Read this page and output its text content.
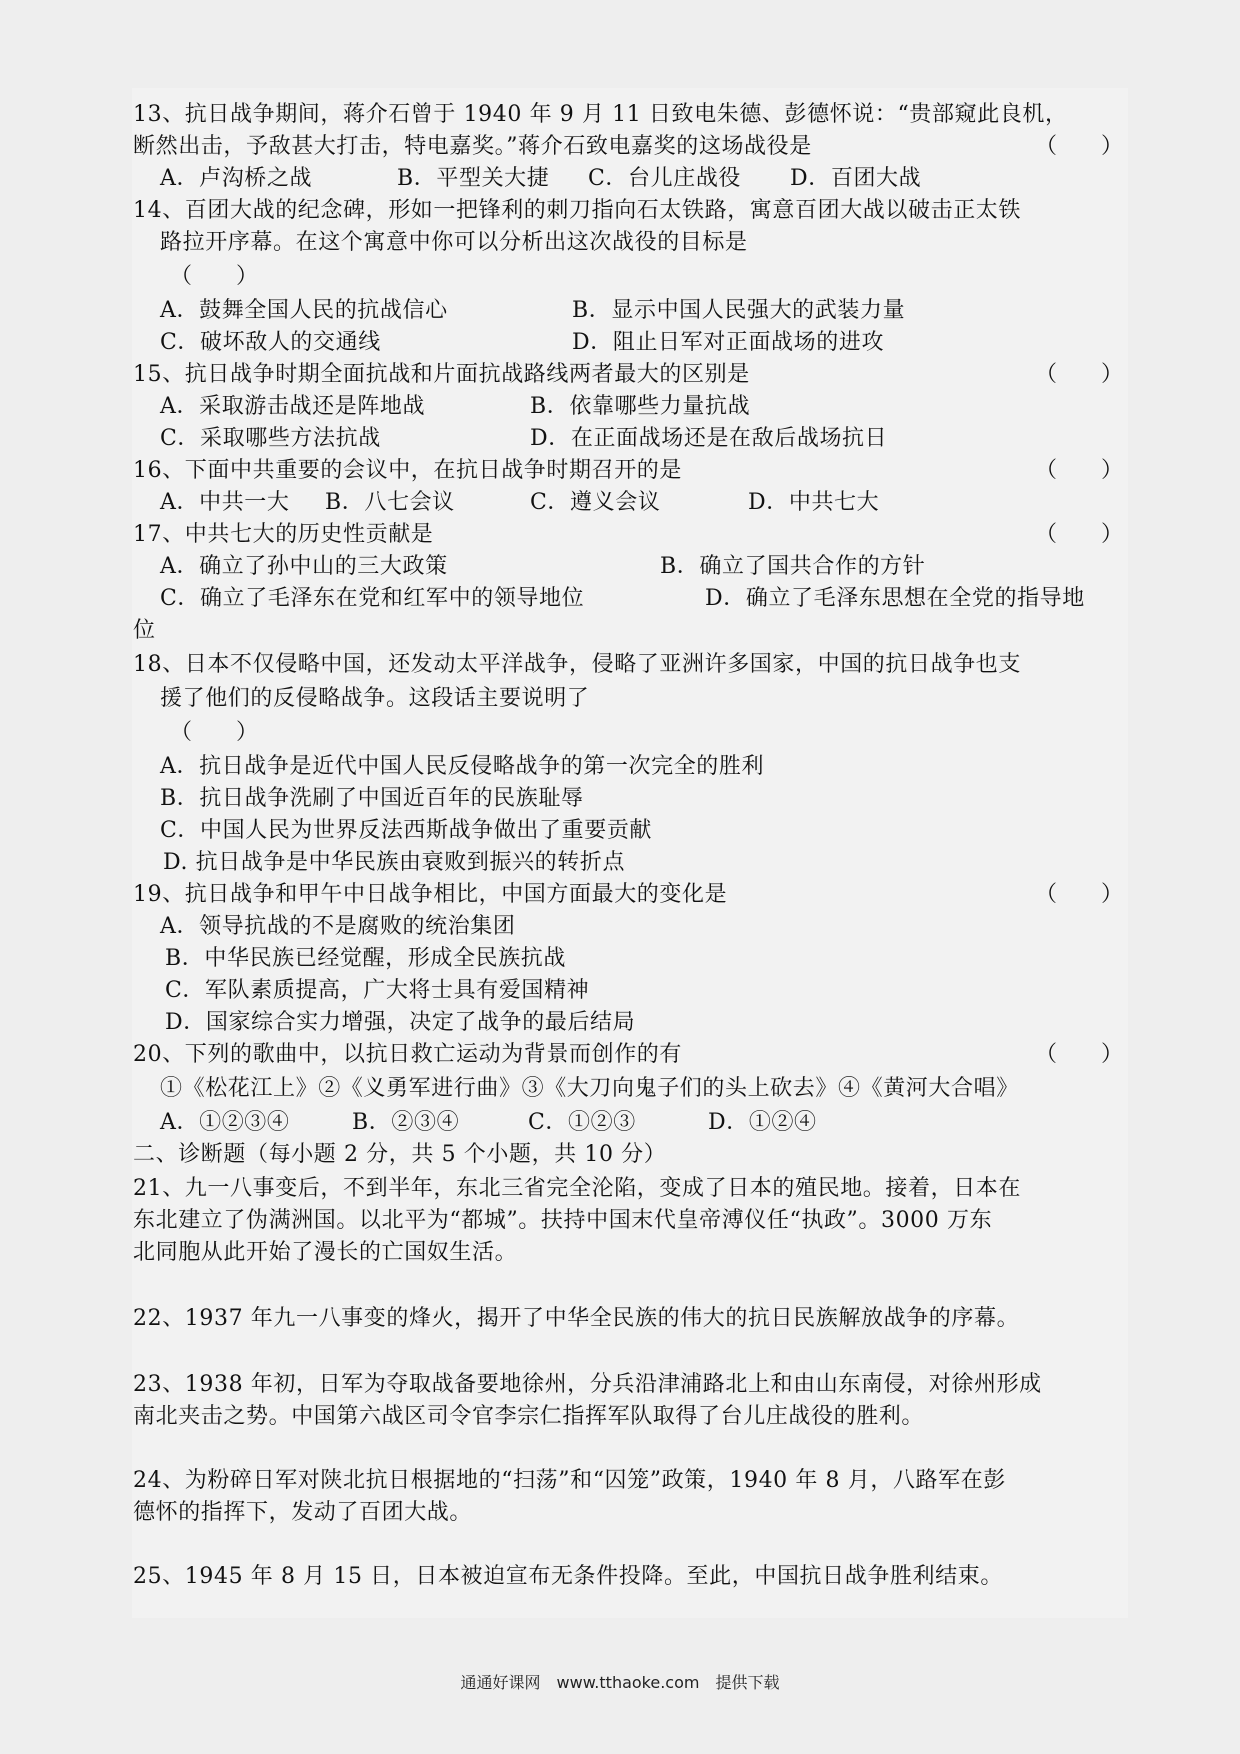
13、抗日战争期间，蒋介石曾于 1940 年 9 月 11 日致电朱德、彭德怀说：“贵部窥此良机，
断然出击，予敌甚大打击，特电嘉奖。”蒋介石致电嘉奖的这场战役是	（　　）
A．卢沟桥之战	B．平型关大捷 C．台儿庄战役 D．百团大战
14、百团大战的纪念碑，形如一把锋利的刺刀指向石太铁路，寓意百团大战以破击正太铁
路拉开序幕。在这个寓意中你可以分析出这次战役的目标是
（　　）
A．鼓舞全国人民的抗战信心	B．显示中国人民强大的武装力量
C．破坏敌人的交通线	D．阻止日军对正面战场的进攻
15、抗日战争时期全面抗战和片面抗战路线两者最大的区别是	（　　）
A．采取游击战还是阵地战	B．依靠哪些力量抗战
C．采取哪些方法抗战	D．在正面战场还是在敌后战场抗日
16、下面中共重要的会议中，在抗日战争时期召开的是	（　　）
A．中共一大 B．八七会议	C．遵义会议	D．中共七大
17、中共七大的历史性贡献是	（　　）
A．确立了孙中山的三大政策	B．确立了国共合作的方针
C．确立了毛泽东在党和红军中的领导地位	D．确立了毛泽东思想在全党的指导地
位
18、日本不仅侵略中国，还发动太平洋战争，侵略了亚洲许多国家，中国的抗日战争也支
援了他们的反侵略战争。这段话主要说明了
（　　）
A．抗日战争是近代中国人民反侵略战争的第一次完全的胜利
B．抗日战争洗刷了中国近百年的民族耻辱
C．中国人民为世界反法西斯战争做出了重要贡献
D. 抗日战争是中华民族由衰败到振兴的转折点
19、抗日战争和甲午中日战争相比，中国方面最大的变化是	（　　）
A．领导抗战的不是腐败的统治集团
B．中华民族已经觉醒，形成全民族抗战
C．军队素质提高，广大将士具有爱国精神
D．国家综合实力增强，决定了战争的最后结局
20、下列的歌曲中，以抗日救亡运动为背景而创作的有	（　　）
①《松花江上》②《义勇军进行曲》③《大刀向鬼子们的头上砍去》④《黄河大合唱》
A．①②③④	B．②③④	C．①②③	D．①②④
二、诊断题（每小题 2 分，共 5 个小题，共 10 分）
21、九一八事变后，不到半年，东北三省完全沦陷，变成了日本的殖民地。接着，日本在
东北建立了伪满洲国。以北平为“都城”。扶持中国末代皇帝溥仪任“执政”。3000 万东
北同胞从此开始了漫长的亡国奴生活。
22、1937 年九一八事变的烽火，揭开了中华全民族的伟大的抗日民族解放战争的序幕。
23、1938 年初，日军为夺取战备要地徐州，分兵沿津浦路北上和由山东南侵，对徐州形成
南北夹击之势。中国第六战区司令官李宗仁指挥军队取得了台儿庄战役的胜利。
24、为粉碎日军对陕北抗日根据地的“扫荡”和“囚笼”政策，1940 年 8 月，八路军在彭
德怀的指挥下，发动了百团大战。
25、1945 年 8 月 15 日，日本被迫宣布无条件投降。至此，中国抗日战争胜利结束。
通通好课网　www.tthaoke.com　提供下载
